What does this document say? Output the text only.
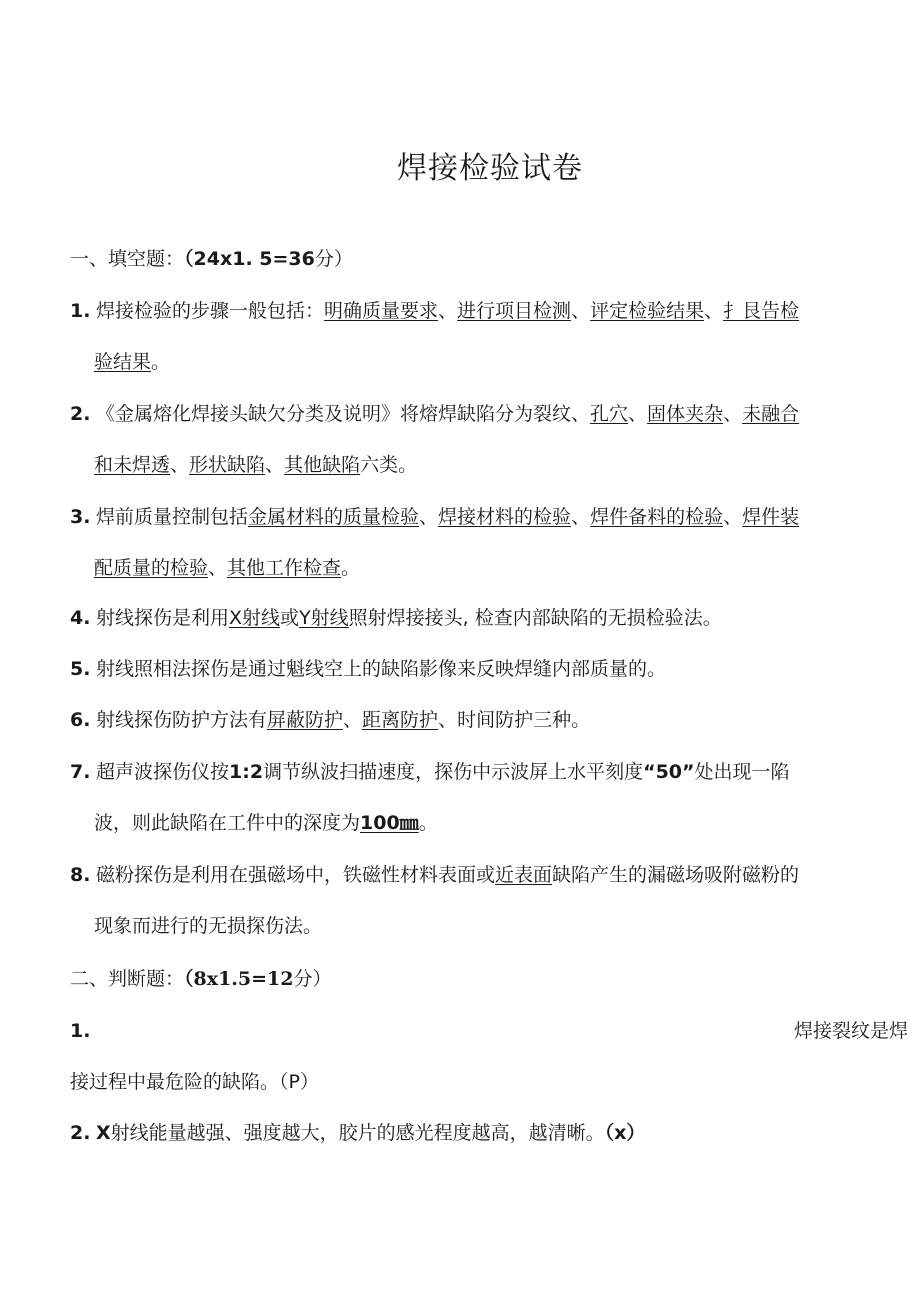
焊接检验试卷
一、填空题：（24x1. 5=36分）
1. 焊接检验的步骤一般包括：明确质量要求、进行项目检测、评定检验结果、扌艮告检
验结果。
2. 《金属熔化焊接头缺欠分类及说明》将熔焊缺陷分为裂纹、孔穴、固体夹杂、未融合
和未焊透、形状缺陷、其他缺陷六类。
3. 焊前质量控制包括金属材料的质量检验、焊接材料的检验、焊件备料的检验、焊件装
配质量的检验、其他工作检查。
4. 射线探伤是利用X射线或Y射线照射焊接接头, 检查内部缺陷的无损检验法。
5. 射线照相法探伤是通过魁线空上的缺陷影像来反映焊缝内部质量的。
6. 射线探伤防护方法有屏蔽防护、距离防护、时间防护三种。
7. 超声波探伤仪按1:2调节纵波扫描速度，探伤中示波屏上水平刻度“50”处出现一陷
波，则此缺陷在工件中的深度为100㎜。
8. 磁粉探伤是利用在强磁场中，铁磁性材料表面或近表面缺陷产生的漏磁场吸附磁粉的
现象而进行的无损探伤法。
二、判断题：（8x1.5=12分）
1.	焊接裂纹是焊
接过程中最危险的缺陷。（P）
2. X射线能量越强、强度越大，胶片的感光程度越高，越清晰。（x）
